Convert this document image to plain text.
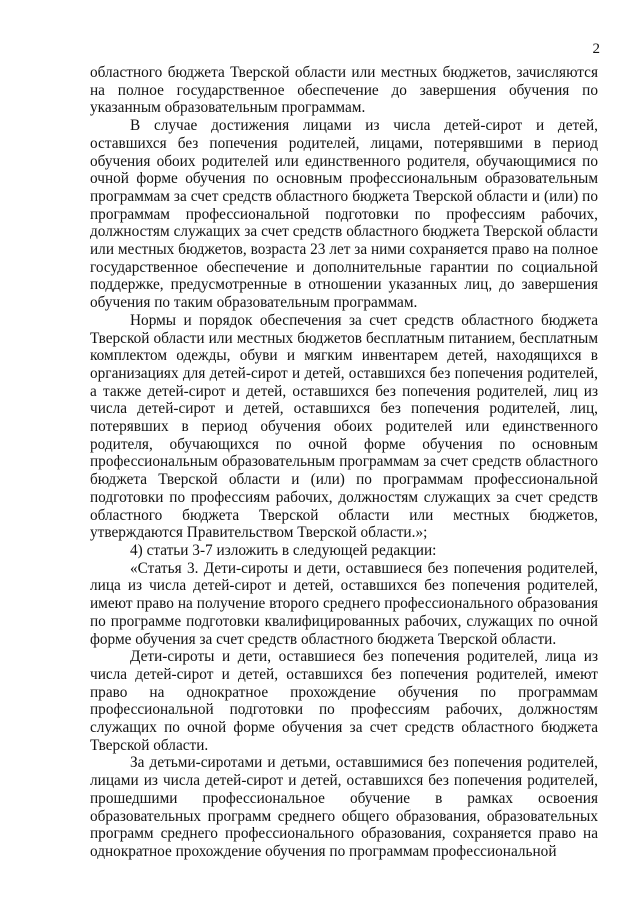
2

областного бюджета Тверской области или местных бюджетов, зачисляются на полное государственное обеспечение до завершения обучения по указанным образовательным программам.

В случае достижения лицами из числа детей-сирот и детей, оставшихся без попечения родителей, лицами, потерявшими в период обучения обоих родителей или единственного родителя, обучающимися по очной форме обучения по основным профессиональным образовательным программам за счет средств областного бюджета Тверской области и (или) по программам профессиональной подготовки по профессиям рабочих, должностям служащих за счет средств областного бюджета Тверской области или местных бюджетов, возраста 23 лет за ними сохраняется право на полное государственное обеспечение и дополнительные гарантии по социальной поддержке, предусмотренные в отношении указанных лиц, до завершения обучения по таким образовательным программам.

Нормы и порядок обеспечения за счет средств областного бюджета Тверской области или местных бюджетов бесплатным питанием, бесплатным комплектом одежды, обуви и мягким инвентарем детей, находящихся в организациях для детей-сирот и детей, оставшихся без попечения родителей, а также детей-сирот и детей, оставшихся без попечения родителей, лиц из числа детей-сирот и детей, оставшихся без попечения родителей, лиц, потерявших в период обучения обоих родителей или единственного родителя, обучающихся по очной форме обучения по основным профессиональным образовательным программам за счет средств областного бюджета Тверской области и (или) по программам профессиональной подготовки по профессиям рабочих, должностям служащих за счет средств областного бюджета Тверской области или местных бюджетов, утверждаются Правительством Тверской области.»;

4) статьи 3-7 изложить в следующей редакции:

«Статья 3. Дети-сироты и дети, оставшиеся без попечения родителей, лица из числа детей-сирот и детей, оставшихся без попечения родителей, имеют право на получение второго среднего профессионального образования по программе подготовки квалифицированных рабочих, служащих по очной форме обучения за счет средств областного бюджета Тверской области.

Дети-сироты и дети, оставшиеся без попечения родителей, лица из числа детей-сирот и детей, оставшихся без попечения родителей, имеют право на однократное прохождение обучения по программам профессиональной подготовки по профессиям рабочих, должностям служащих по очной форме обучения за счет средств областного бюджета Тверской области.

За детьми-сиротами и детьми, оставшимися без попечения родителей, лицами из числа детей-сирот и детей, оставшихся без попечения родителей, прошедшими профессиональное обучение в рамках освоения образовательных программ среднего общего образования, образовательных программ среднего профессионального образования, сохраняется право на однократное прохождение обучения по программам профессиональной
